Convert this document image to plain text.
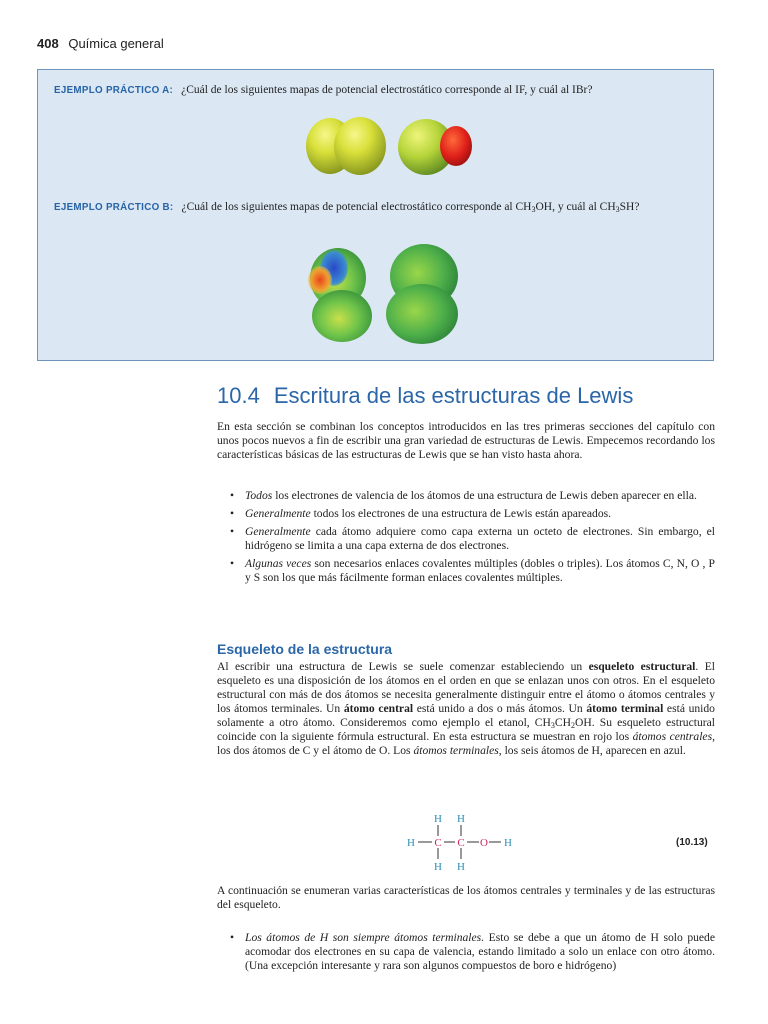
408 Química general
EJEMPLO PRÁCTICO A: ¿Cuál de los siguientes mapas de potencial electrostático corresponde al IF, y cuál al IBr?
EJEMPLO PRÁCTICO B: ¿Cuál de los siguientes mapas de potencial electrostático corresponde al $CH_3OH$, y cuál al $CH_3SH$?
10.4 Escritura de las estructuras de Lewis
En esta sección se combinan los conceptos introducidos en las tres primeras secciones del capítulo con unos pocos nuevos a fin de escribir una gran variedad de estructuras de Lewis. Empecemos recordando los características básicas de las estructuras de Lewis que se han visto hasta ahora.
• Todos los electrones de valencia de los átomos de una estructura de Lewis deben aparecer en ella.
• Generalmente todos los electrones de una estructura de Lewis están apareados.
• Generalmente cada átomo adquiere como capa externa un octeto de electrones. Sin embargo, el hidrógeno se limita a una capa externa de dos electrones.
• Algunas veces son necesarios enlaces covalentes múltiples (dobles o triples). Los átomos C, N, O , P y S son los que más fácilmente forman enlaces covalentes múltiples.
Esqueleto de la estructura
Al escribir una estructura de Lewis se suele comenzar estableciendo un esqueleto estructural. El esqueleto es una disposición de los átomos en el orden en que se enlazan unos con otros. En el esqueleto estructural con más de dos átomos se necesita generalmente distinguir entre el átomo o átomos centrales y los átomos terminales. Un átomo central está unido a dos o más átomos. Un átomo terminal está unido solamente a otro átomo. Consideremos como ejemplo el etanol, $CH_3CH_2OH$. Su esqueleto estructural coincide con la siguiente fórmula estructural. En esta estructura se muestran en rojo los átomos centrales, los dos átomos de C y el átomo de O. Los átomos terminales, los seis átomos de H, aparecen en azul.
H H
H C C O H
H H
(10.13)
A continuación se enumeran varias características de los átomos centrales y terminales y de las estructuras del esqueleto.
• Los átomos de H son siempre átomos terminales. Esto se debe a que un átomo de H solo puede acomodar dos electrones en su capa de valencia, estando limitado a solo un enlace con otro átomo. (Una excepción interesante y rara son algunos compuestos de boro e hidrógeno)
